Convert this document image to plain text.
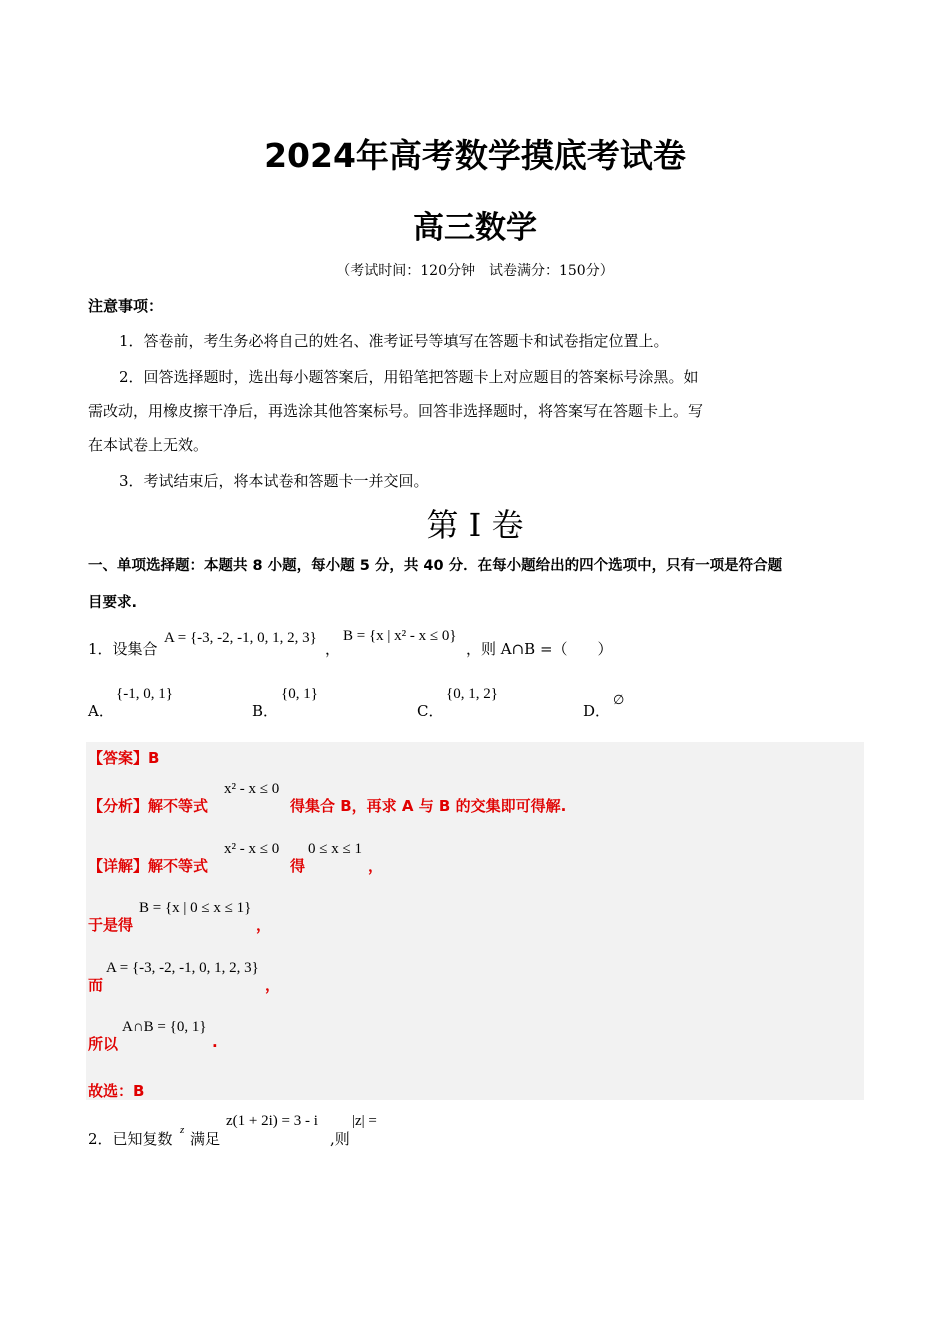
2024年高考数学摸底考试卷
高三数学
（考试时间：120分钟　试卷满分：150分）
注意事项：
1．答卷前，考生务必将自己的姓名、准考证号等填写在答题卡和试卷指定位置上。
2．回答选择题时，选出每小题答案后，用铅笔把答题卡上对应题目的答案标号涂黑。如
需改动，用橡皮擦干净后，再选涂其他答案标号。回答非选择题时，将答案写在答题卡上。写
在本试卷上无效。
3．考试结束后，将本试卷和答题卡一并交回。
第 I 卷
一、单项选择题：本题共 8 小题，每小题 5 分，共 40 分．在每小题给出的四个选项中，只有一项是符合题
目要求.
1．设集合
A = {-3, -2, -1, 0, 1, 2, 3}
，
B = {x | x² - x ≤ 0}
，则 A∩B =（　　）
A．
{-1, 0, 1}
B．
{0, 1}
C．
{0, 1, 2}
D．
∅
【答案】B
【分析】解不等式
x² - x ≤ 0
得集合 B，再求 A 与 B 的交集即可得解.
【详解】解不等式
x² - x ≤ 0
得
0 ≤ x ≤ 1
，
于是得
B = {x | 0 ≤ x ≤ 1}
，
而
A = {-3, -2, -1, 0, 1, 2, 3}
，
所以
A∩B = {0, 1}
.
故选：B
2．已知复数 z 满足
z(1 + 2i) = 3 - i
,则
|z| =
